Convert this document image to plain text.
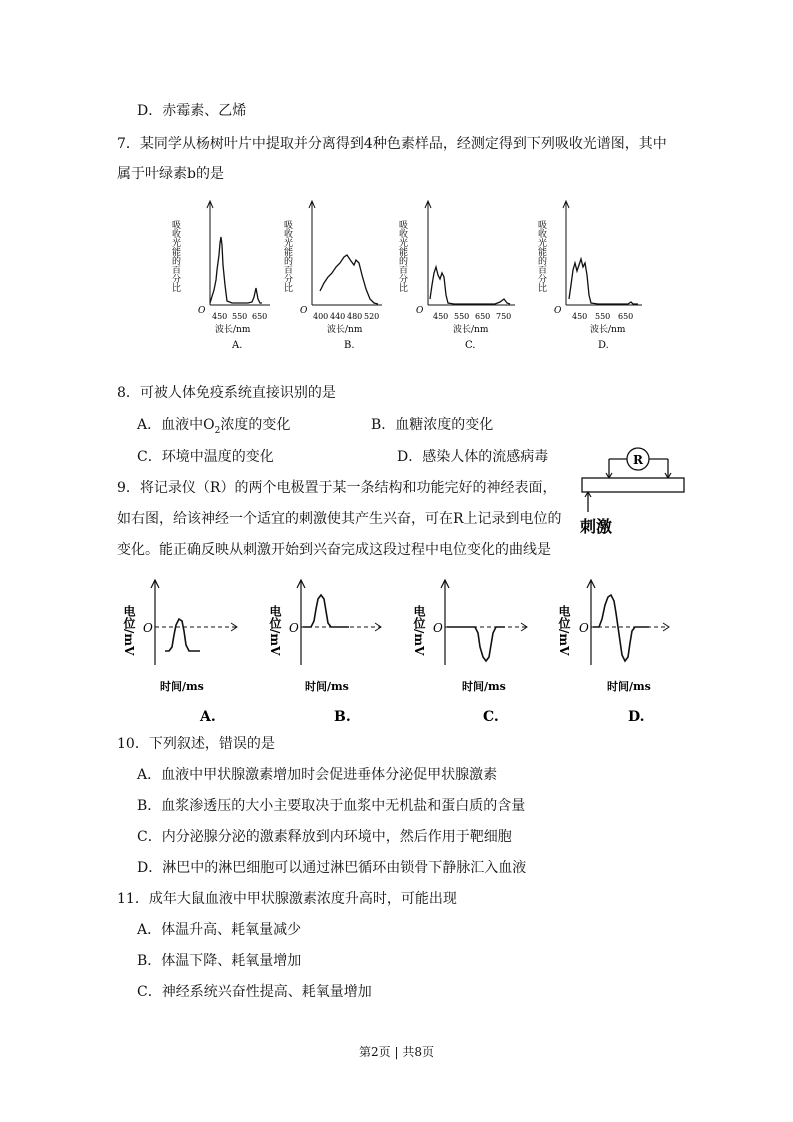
D．赤霉素、乙烯
7．某同学从杨树叶片中提取并分离得到4种色素样品，经测定得到下列吸收光谱图，其中
属于叶绿素b的是
吸收光能的百分比
O
450 550 650
波长/nm
A.
吸收光能的百分比
O
400 440 480 520
波长/nm
B.
吸收光能的百分比
O
450 550 650 750
波长/nm
C.
吸收光能的百分比
O
450 550 650
波长/nm
D.
8．可被人体免疫系统直接识别的是
A．血液中$O_2$浓度的变化	B．血糖浓度的变化
C．环境中温度的变化	D．感染人体的流感病毒
9．将记录仪（R）的两个电极置于某一条结构和功能完好的神经表面，
如右图，给该神经一个适宜的刺激使其产生兴奋，可在R上记录到电位的
变化。能正确反映从刺激开始到兴奋完成这段过程中电位变化的曲线是
R
刺激
电位/mV O
时间/ms
A.
电位/mV O
时间/ms
B.
电位/mV O
时间/ms
C.
电位/mV O
时间/ms
D.
10．下列叙述，错误的是
A．血液中甲状腺激素增加时会促进垂体分泌促甲状腺激素
B．血浆渗透压的大小主要取决于血浆中无机盐和蛋白质的含量
C．内分泌腺分泌的激素释放到内环境中，然后作用于靶细胞
D．淋巴中的淋巴细胞可以通过淋巴循环由锁骨下静脉汇入血液
11．成年大鼠血液中甲状腺激素浓度升高时，可能出现
A．体温升高、耗氧量减少
B．体温下降、耗氧量增加
C．神经系统兴奋性提高、耗氧量增加
第2页 | 共8页
